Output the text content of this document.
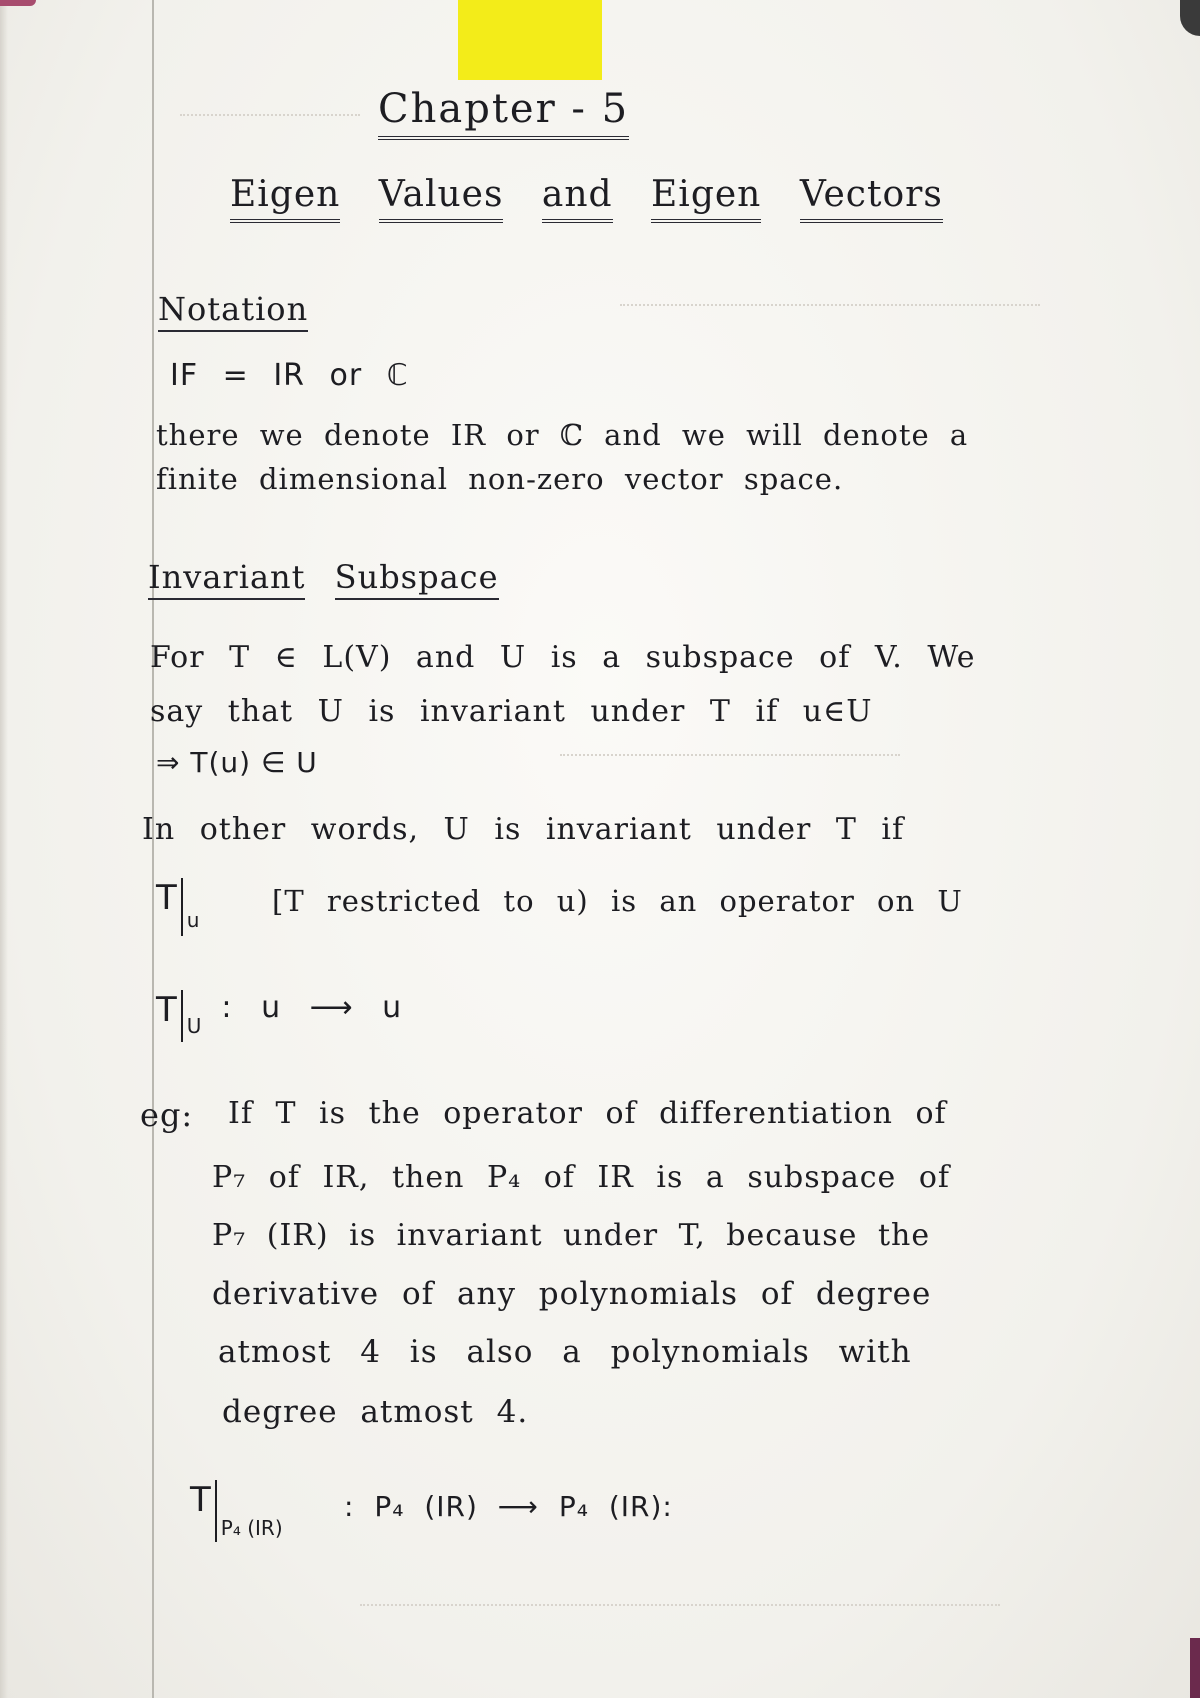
Chapter - 5
Eigen Values and Eigen Vectors
Notation
IF = IR or ℂ
there we denote IR or ℂ and we will denote a
finite dimensional non-zero vector space.
Invariant Subspace
For T ∈ L(V) and U is a subspace of V. We
say that U is invariant under T if u∈U
⇒ T(u) ∈ U
In other words, U is invariant under T if
T
u
[T restricted to u) is an operator on U
T U
: u ⟶ u
eg: If T is the operator of differentiation of
P₇ of IR, then P₄ of IR is a subspace of
P₇ (IR) is invariant under T, because the
derivative of any polynomials of degree
atmost 4 is also a polynomials with
degree atmost 4.
T
P₄ (IR)
: P₄ (IR) ⟶ P₄ (IR):
